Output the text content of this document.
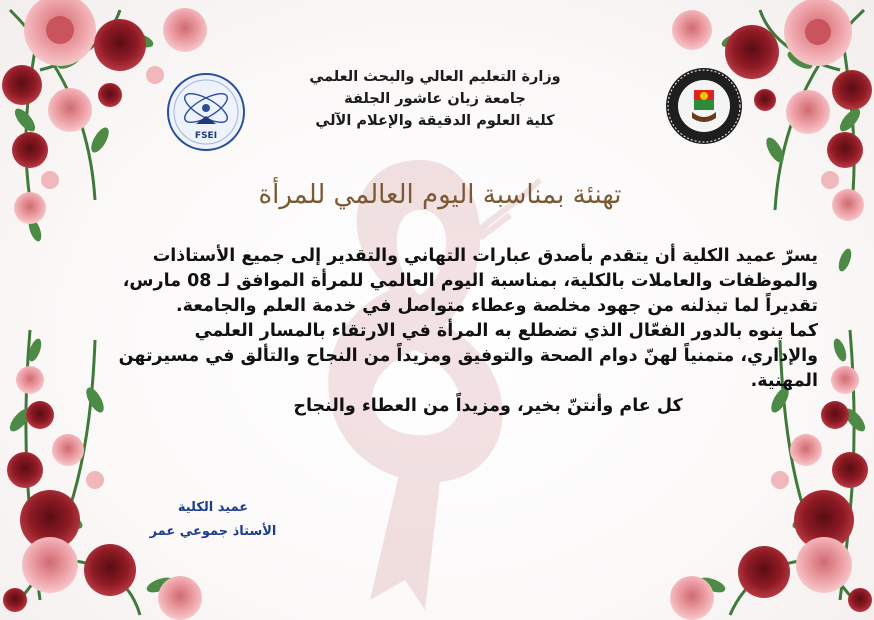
FSEI
وزارة التعليم العالي والبحث العلمي
جامعة زيان عاشور الجلفة
كلية العلوم الدقيقة والإعلام الآلي
تهنئة بمناسبة اليوم العالمي للمرأة
يسرّ عميد الكلية أن يتقدم بأصدق عبارات التهاني والتقدير إلى جميع الأستاذات والموظفات والعاملات بالكلية، بمناسبة اليوم العالمي للمرأة الموافق لـ 08 مارس، تقديراً لما تبذلنه من جهود مخلصة وعطاء متواصل في خدمة العلم والجامعة.
كما ينوه بالدور الفعّال الذي تضطلع به المرأة في الارتقاء بالمسار العلمي والإداري، متمنياً لهنّ دوام الصحة والتوفيق ومزيداً من النجاح والتألق في مسيرتهن المهنية.
كل عام وأنتنّ بخير، ومزيداً من العطاء والنجاح
عميد الكلية
الأستاذ جموعي عمر
